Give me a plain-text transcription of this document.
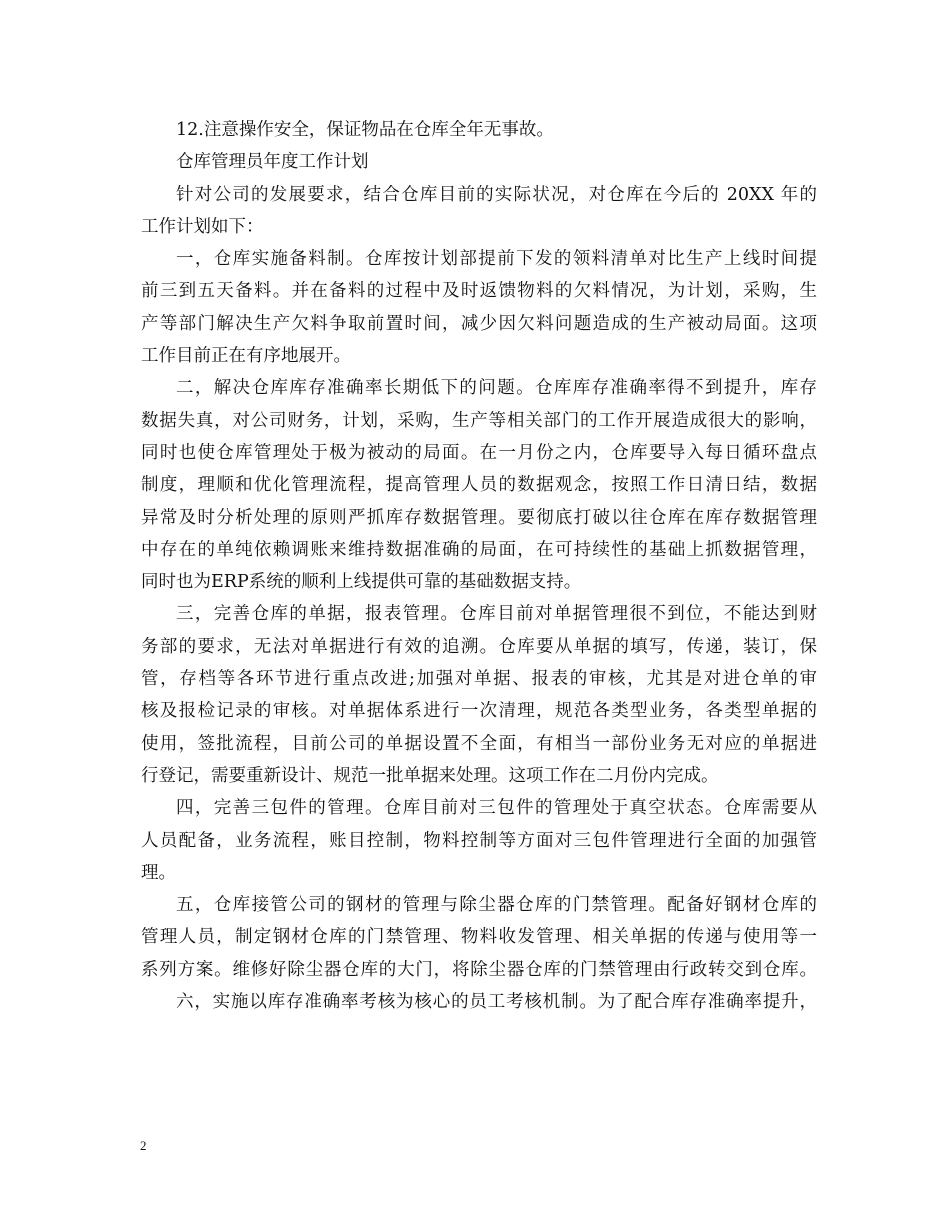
12.注意操作安全，保证物品在仓库全年无事故。
仓库管理员年度工作计划
针对公司的发展要求，结合仓库目前的实际状况，对仓库在今后的 20XX 年的
工作计划如下：
一，仓库实施备料制。仓库按计划部提前下发的领料清单对比生产上线时间提
前三到五天备料。并在备料的过程中及时返馈物料的欠料情况，为计划，采购，生
产等部门解决生产欠料争取前置时间，减少因欠料问题造成的生产被动局面。这项
工作目前正在有序地展开。
二，解决仓库库存准确率长期低下的问题。仓库库存准确率得不到提升，库存
数据失真，对公司财务，计划，采购，生产等相关部门的工作开展造成很大的影响，
同时也使仓库管理处于极为被动的局面。在一月份之内，仓库要导入每日循环盘点
制度，理顺和优化管理流程，提高管理人员的数据观念，按照工作日清日结，数据
异常及时分析处理的原则严抓库存数据管理。要彻底打破以往仓库在库存数据管理
中存在的单纯依赖调账来维持数据准确的局面，在可持续性的基础上抓数据管理，
同时也为ERP系统的顺利上线提供可靠的基础数据支持。
三，完善仓库的单据，报表管理。仓库目前对单据管理很不到位，不能达到财
务部的要求，无法对单据进行有效的追溯。仓库要从单据的填写，传递，装订，保
管，存档等各环节进行重点改进;加强对单据、报表的审核，尤其是对进仓单的审
核及报检记录的审核。对单据体系进行一次清理，规范各类型业务，各类型单据的
使用，签批流程，目前公司的单据设置不全面，有相当一部份业务无对应的单据进
行登记，需要重新设计、规范一批单据来处理。这项工作在二月份内完成。
四，完善三包件的管理。仓库目前对三包件的管理处于真空状态。仓库需要从
人员配备，业务流程，账目控制，物料控制等方面对三包件管理进行全面的加强管
理。
五，仓库接管公司的钢材的管理与除尘器仓库的门禁管理。配备好钢材仓库的
管理人员，制定钢材仓库的门禁管理、物料收发管理、相关单据的传递与使用等一
系列方案。维修好除尘器仓库的大门，将除尘器仓库的门禁管理由行政转交到仓库。
六，实施以库存准确率考核为核心的员工考核机制。为了配合库存准确率提升，
2
